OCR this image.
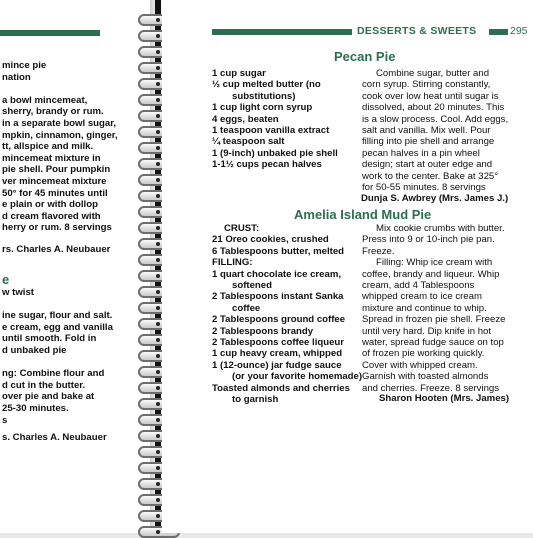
mince pie
nation

a bowl mincemeat,
sherry, brandy or rum.
in a separate bowl sugar,
mpkin, cinnamon, ginger,
tt, allspice and milk.
mincemeat mixture in
pie shell. Pour pumpkin
ver mincemeat mixture
50° for 45 minutes until
e plain or with dollop
d cream flavored with
herry or rum. 8 servings
rs. Charles A. Neubauer
e
w twist

ine sugar, flour and salt.
e cream, egg and vanilla
until smooth. Fold in
d unbaked pie

ng: Combine flour and
d cut in the butter.
over pie and bake at
25-30 minutes.
s
s. Charles A. Neubauer
DESSERTS & SWEETS	295
Pecan Pie
1 cup sugar
½ cup melted butter (no
substitutions)
1 cup light corn syrup
4 eggs, beaten
1 teaspoon vanilla extract
¼ teaspoon salt
1 (9-inch) unbaked pie shell
1-1½ cups pecan halves
Combine sugar, butter and
corn syrup. Stirring constantly,
cook over low heat until sugar is
dissolved, about 20 minutes. This
is a slow process. Cool. Add eggs,
salt and vanilla. Mix well. Pour
filling into pie shell and arrange
pecan halves in a pin wheel
design; start at outer edge and
work to the center. Bake at 325°
for 50-55 minutes. 8 servings
Dunja S. Awbrey (Mrs. James J.)
Amelia Island Mud Pie
CRUST:
21 Oreo cookies, crushed
6 Tablespoons butter, melted
FILLING:
1 quart chocolate ice cream,
softened
2 Tablespoons instant Sanka
coffee
2 Tablespoons ground coffee
2 Tablespoons brandy
2 Tablespoons coffee liqueur
1 cup heavy cream, whipped
1 (12-ounce) jar fudge sauce
(or your favorite homemade)
Toasted almonds and cherries
to garnish
Mix cookie crumbs with butter.
Press into 9 or 10-inch pie pan.
Freeze.
Filling: Whip ice cream with
coffee, brandy and liqueur. Whip
cream, add 4 Tablespoons
whipped cream to ice cream
mixture and continue to whip.
Spread in frozen pie shell. Freeze
until very hard. Dip knife in hot
water, spread fudge sauce on top
of frozen pie working quickly.
Cover with whipped cream.
Garnish with toasted almonds
and cherries. Freeze. 8 servings
Sharon Hooten (Mrs. James)
